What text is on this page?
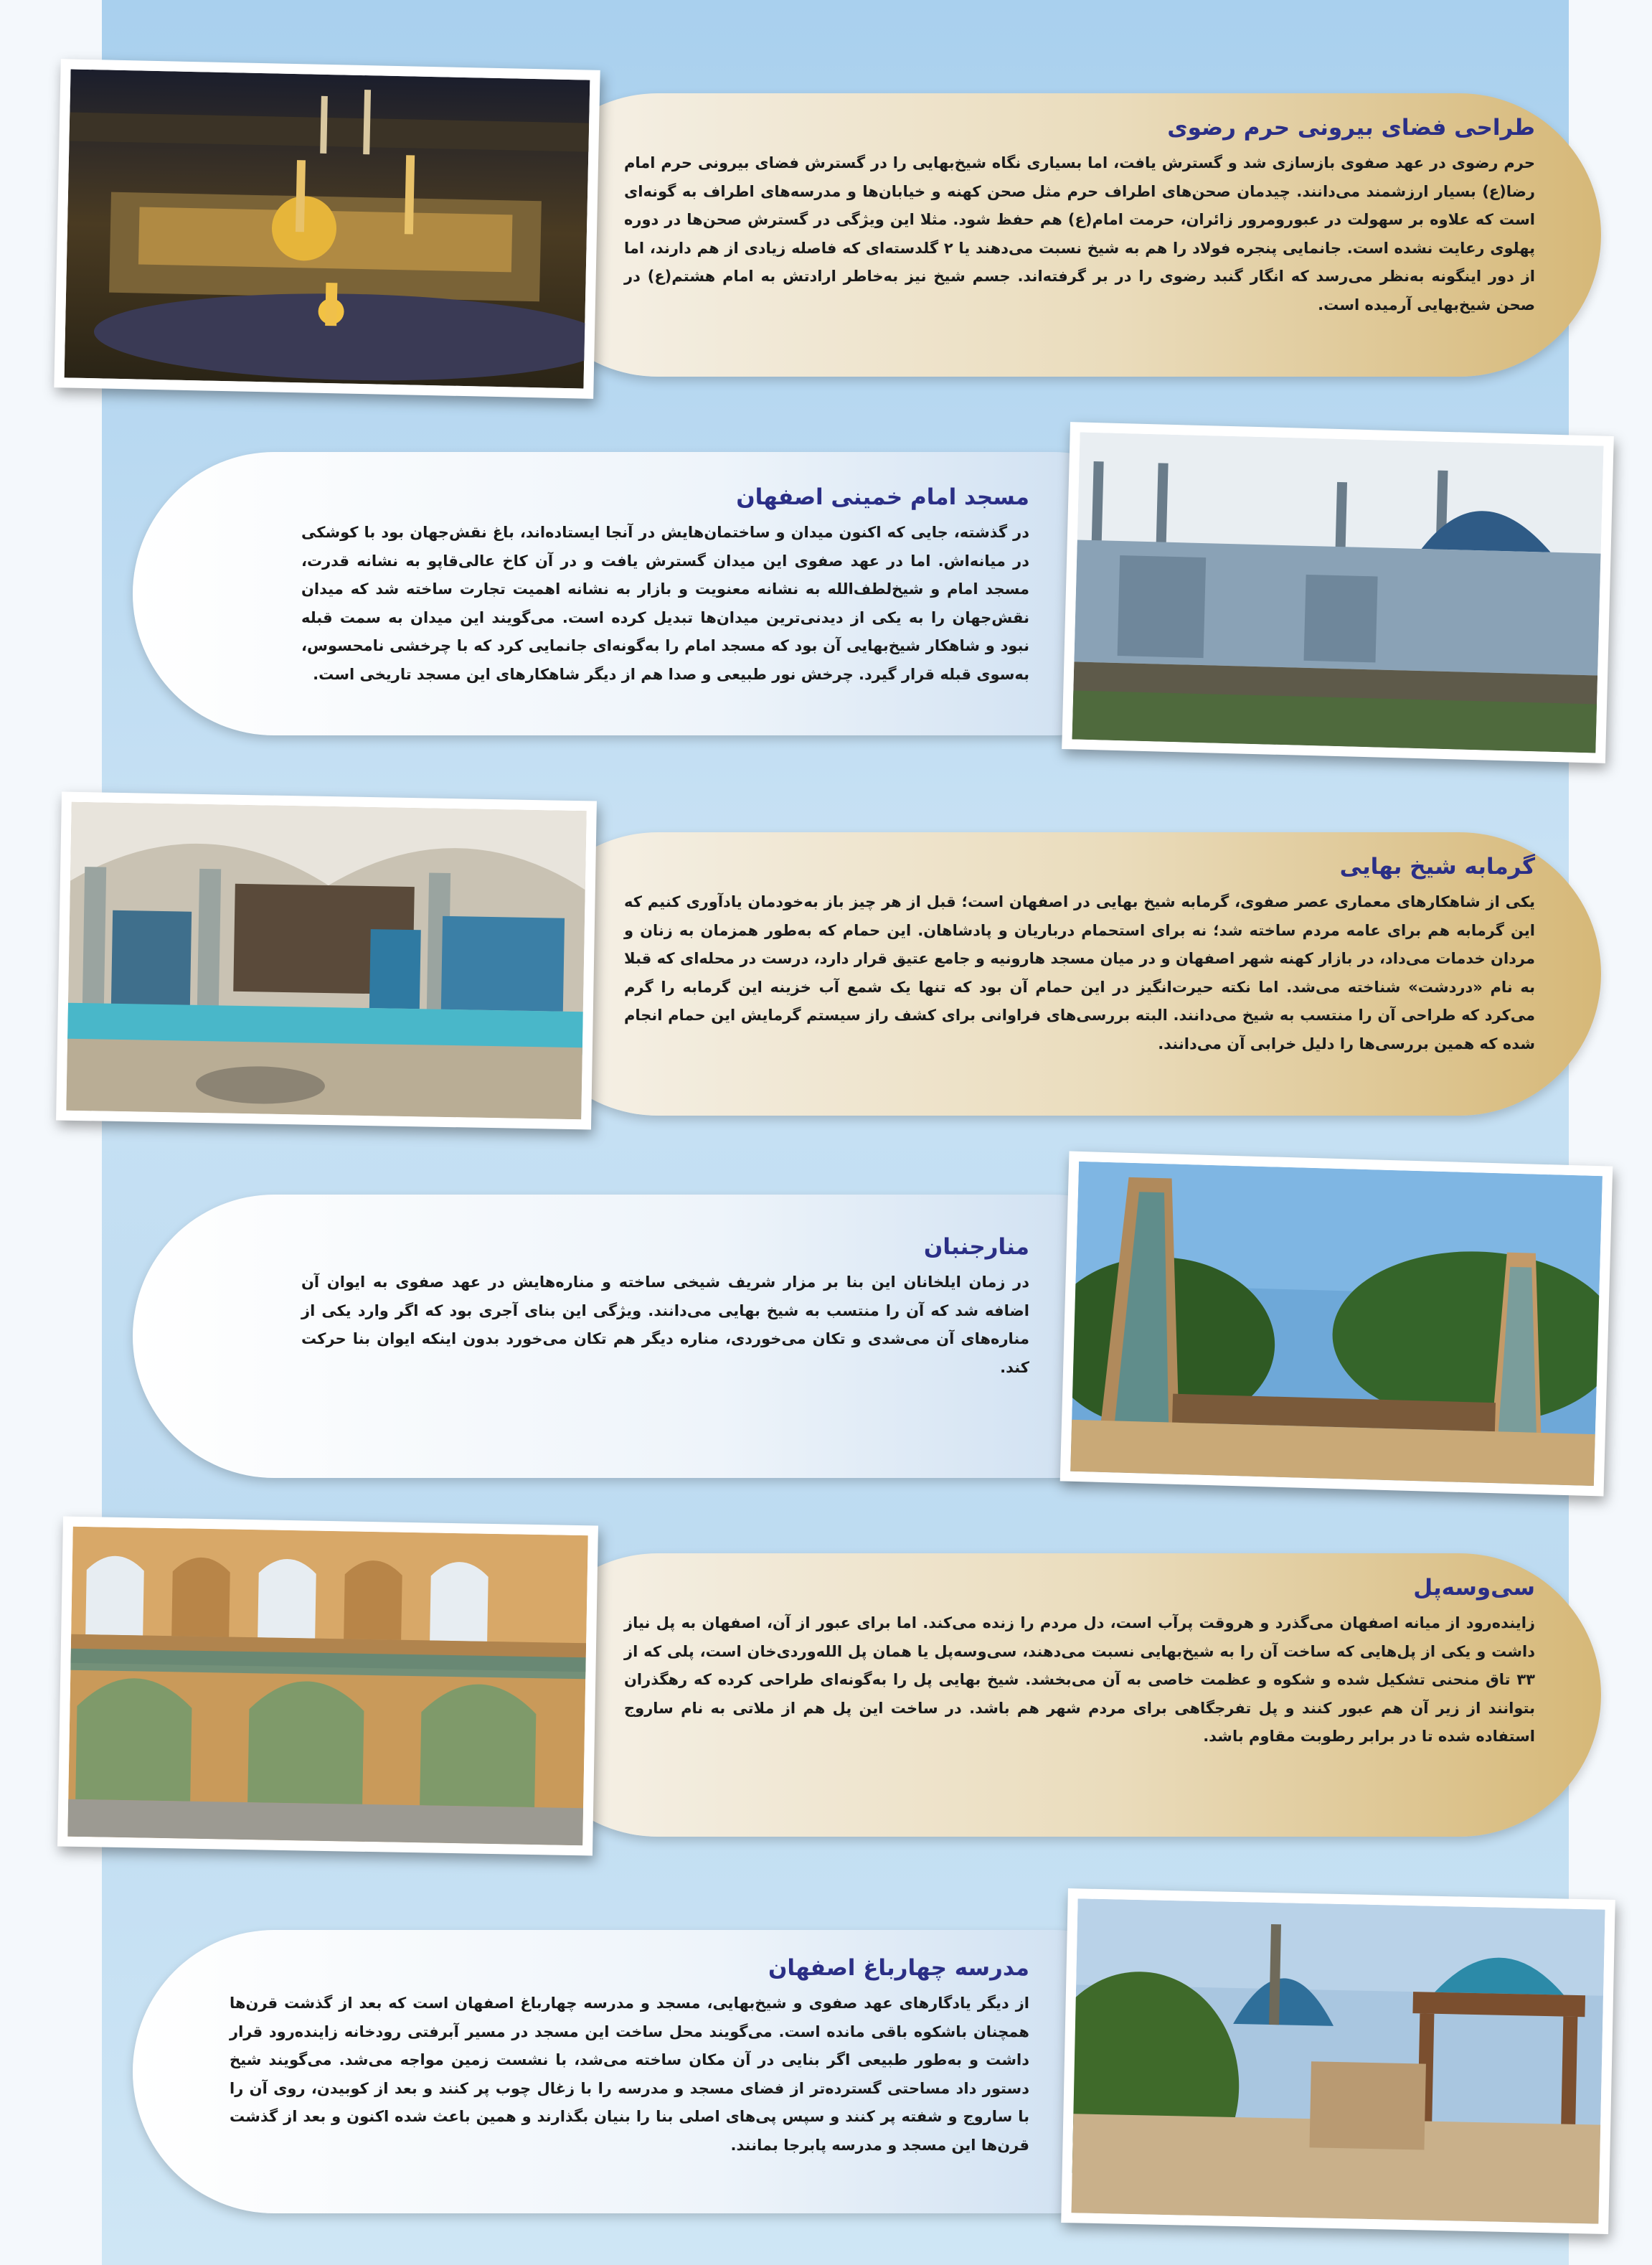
طراحی فضای بیرونی حرم رضوی

حرم رضوی در عهد صفوی بازسازی شد و گسترش یافت، اما بسیاری نگاه شیخ‌بهایی را در گسترش فضای بیرونی حرم امام رضا(ع) بسیار ارزشمند می‌دانند. چیدمان صحن‌های اطراف حرم مثل صحن کهنه و خیابان‌ها و مدرسه‌های اطراف به گونه‌ای است که علاوه بر سهولت در عبورومرور زائران، حرمت امام(ع) هم حفظ شود. مثلا این ویژگی در گسترش صحن‌ها در دوره پهلوی رعایت نشده است. جانمایی پنجره فولاد را هم به شیخ نسبت می‌دهند یا ۲ گلدسته‌ای که فاصله زیادی از هم دارند، اما از دور اینگونه به‌نظر می‌رسد که انگار گنبد رضوی را در بر گرفته‌اند. جسم شیخ نیز به‌خاطر ارادتش به امام هشتم(ع) در صحن شیخ‌بهایی آرمیده است.

مسجد امام خمینی اصفهان

در گذشته، جایی که اکنون میدان و ساختمان‌هایش در آنجا ایستاده‌اند، باغ نقش‌جهان بود با کوشکی در میانه‌اش. اما در عهد صفوی این میدان گسترش یافت و در آن کاخ عالی‌قاپو به نشانه قدرت، مسجد امام و شیخ‌لطف‌الله به نشانه معنویت و بازار به نشانه اهمیت تجارت ساخته شد که میدان نقش‌جهان را به یکی از دیدنی‌ترین میدان‌ها تبدیل کرده است. می‌گویند این میدان به سمت قبله نبود و شاهکار شیخ‌بهایی آن بود که مسجد امام را به‌گونه‌ای جانمایی کرد که با چرخشی نامحسوس، به‌سوی قبله قرار گیرد. چرخش نور طبیعی و صدا هم از دیگر شاهکارهای این مسجد تاریخی است.

گرمابه شیخ بهایی

یکی از شاهکارهای معماری عصر صفوی، گرمابه شیخ بهایی در اصفهان است؛ قبل از هر چیز باز به‌خودمان یادآوری کنیم که این گرمابه هم برای عامه مردم ساخته شد؛ نه برای استحمام درباریان و پادشاهان. این حمام که به‌طور همزمان به زنان و مردان خدمات می‌داد، در بازار کهنه شهر اصفهان و در میان مسجد هارونیه و جامع عتیق قرار دارد، درست در محله‌ای که قبلا به نام «دردشت» شناخته می‌شد. اما نکته حیرت‌انگیز در این حمام آن بود که تنها یک شمع آب خزینه این گرمابه را گرم می‌کرد که طراحی آن را منتسب به شیخ می‌دانند. البته بررسی‌های فراوانی برای کشف راز سیستم گرمایش این حمام انجام شده که همین بررسی‌ها را دلیل خرابی آن می‌دانند.

منارجنبان

در زمان ایلخانان این بنا بر مزار شریف شیخی ساخته و مناره‌هایش در عهد صفوی به ایوان آن اضافه شد که آن را منتسب به شیخ بهایی می‌دانند. ویژگی این بنای آجری بود که اگر وارد یکی از مناره‌های آن می‌شدی و تکان می‌خوردی، مناره دیگر هم تکان می‌خورد بدون اینکه ایوان بنا حرکت کند.

سی‌وسه‌پل

زاینده‌رود از میانه اصفهان می‌گذرد و هروقت پرآب است، دل مردم را زنده می‌کند. اما برای عبور از آن، اصفهان به پل نیاز داشت و یکی از پل‌هایی که ساخت آن را به شیخ‌بهایی نسبت می‌دهند، سی‌وسه‌پل یا همان پل الله‌وردی‌خان است، پلی که از ۳۳ تاق منحنی تشکیل شده و شکوه و عظمت خاصی به آن می‌بخشد. شیخ بهایی پل را به‌گونه‌ای طراحی کرده که رهگذران بتوانند از زیر آن هم عبور کنند و پل تفرجگاهی برای مردم شهر هم باشد. در ساخت این پل هم از ملاتی به نام ساروج استفاده شده تا در برابر رطوبت مقاوم باشد.

مدرسه چهارباغ اصفهان

از دیگر یادگارهای عهد صفوی و شیخ‌بهایی، مسجد و مدرسه چهارباغ اصفهان است که بعد از گذشت قرن‌ها همچنان باشکوه باقی مانده است. می‌گویند محل ساخت این مسجد در مسیر آبرفتی رودخانه زاینده‌رود قرار داشت و به‌طور طبیعی اگر بنایی در آن مکان ساخته می‌شد، با نشست زمین مواجه می‌شد. می‌گویند شیخ دستور داد مساحتی گسترده‌تر از فضای مسجد و مدرسه را با زغال چوب پر کنند و بعد از کوبیدن، روی آن را با ساروج و شفته پر کنند و سپس پی‌های اصلی بنا را بنیان بگذارند و همین باعث شده اکنون و بعد از گذشت قرن‌ها این مسجد و مدرسه پابرجا بمانند.
